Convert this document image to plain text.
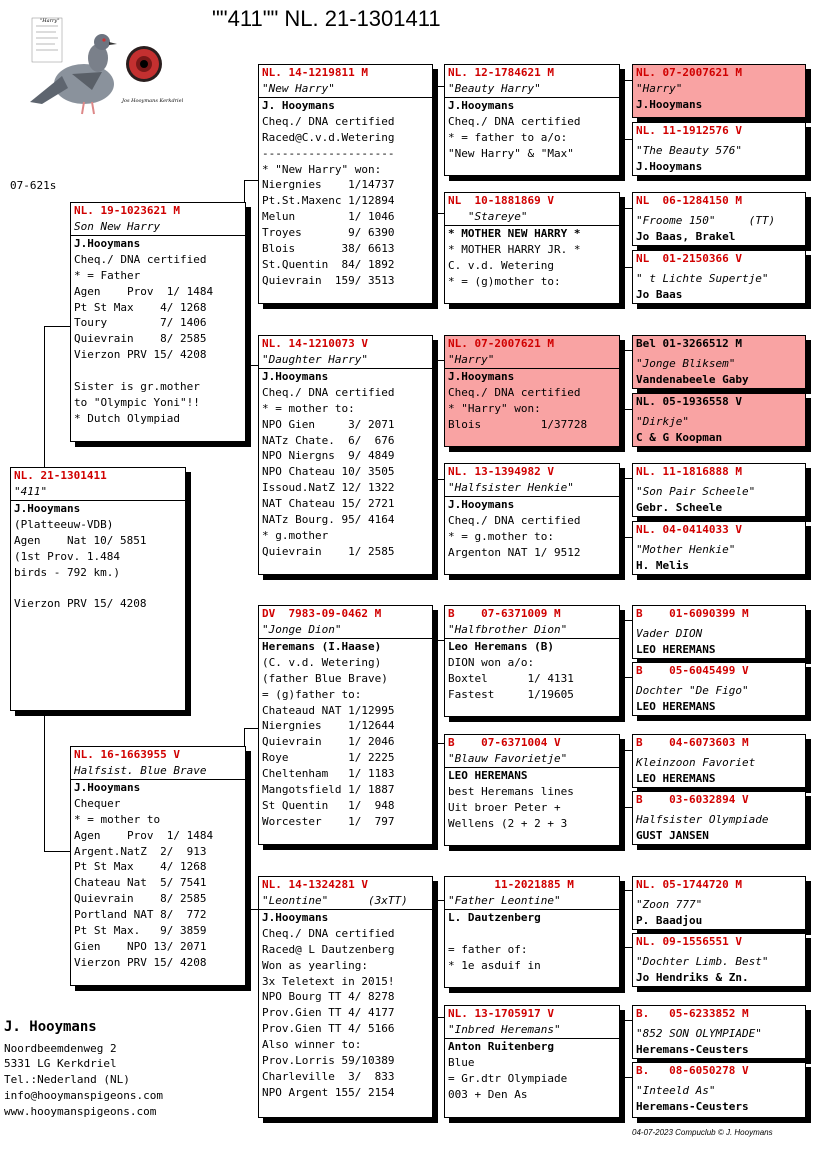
""411"" NL. 21-1301411
"Harry"
Jos Hooymans Kerkdriel
07-621s
NL. 21-1301411
"411"
J.Hooymans
(Platteeuw-VDB)
Agen    Nat 10/ 5851
(1st Prov. 1.484
birds - 792 km.)
Vierzon PRV 15/ 4208
NL. 19-1023621 M
Son New Harry
J.Hooymans
Cheq./ DNA certified
* = Father
Agen    Prov  1/ 1484
Pt St Max    4/ 1268
Toury        7/ 1406
Quievrain    8/ 2585
Vierzon PRV 15/ 4208
Sister is gr.mother
to "Olympic Yoni"!!
* Dutch Olympiad
NL. 16-1663955 V
Halfsist. Blue Brave
J.Hooymans
Chequer
* = mother to
Agen    Prov  1/ 1484
Argent.NatZ  2/  913
Pt St Max    4/ 1268
Chateau Nat  5/ 7541
Quievrain    8/ 2585
Portland NAT 8/  772
Pt St Max.   9/ 3859
Gien    NPO 13/ 2071
Vierzon PRV 15/ 4208
NL. 14-1219811 M
"New Harry"
J. Hooymans
Cheq./ DNA certified
Raced@C.v.d.Wetering
--------------------
* "New Harry" won:
Niergnies    1/14737
Pt.St.Maxenc 1/12894
Melun        1/ 1046
Troyes       9/ 6390
Blois       38/ 6613
St.Quentin  84/ 1892
Quievrain  159/ 3513
NL. 14-1210073 V
"Daughter Harry"
J.Hooymans
Cheq./ DNA certified
* = mother to:
NPO Gien     3/ 2071
NATz Chate.  6/  676
NPO Niergns  9/ 4849
NPO Chateau 10/ 3505
Issoud.NatZ 12/ 1322
NAT Chateau 15/ 2721
NATz Bourg. 95/ 4164
* g.mother
Quievrain    1/ 2585
DV  7983-09-0462 M
"Jonge Dion"
Heremans (I.Haase)
(C. v.d. Wetering)
(father Blue Brave)
= (g)father to:
Chateaud NAT 1/12995
Niergnies    1/12644
Quievrain    1/ 2046
Roye         1/ 2225
Cheltenham   1/ 1183
Mangotsfield 1/ 1887
St Quentin   1/  948
Worcester    1/  797
NL. 14-1324281 V
"Leontine"      (3xTT)
J.Hooymans
Cheq./ DNA certified
Raced@ L Dautzenberg
Won as yearling:
3x Teletext in 2015!
NPO Bourg TT 4/ 8278
Prov.Gien TT 4/ 4177
Prov.Gien TT 4/ 5166
Also winner to:
Prov.Lorris 59/10389
Charleville  3/  833
NPO Argent 155/ 2154
NL. 12-1784621 M
"Beauty Harry"
J.Hooymans
Cheq./ DNA certified
* = father to a/o:
"New Harry" & "Max"
NL  10-1881869 V
"Stareye"
* MOTHER NEW HARRY *
* MOTHER HARRY JR. *
C. v.d. Wetering
* = (g)mother to:
NL. 07-2007621 M
"Harry"
J.Hooymans
Cheq./ DNA certified
* "Harry" won:
Blois         1/37728
NL. 13-1394982 V
"Halfsister Henkie"
J.Hooymans
Cheq./ DNA certified
* = g.mother to:
Argenton NAT 1/ 9512
B    07-6371009 M
"Halfbrother Dion"
Leo Heremans (B)
DION won a/o:
Boxtel      1/ 4131
Fastest     1/19605
B    07-6371004 V
"Blauw Favorietje"
LEO HEREMANS
best Heremans lines
Uit broer Peter +
Wellens (2 + 2 + 3
11-2021885 M
"Father Leontine"
L. Dautzenberg
= father of:
* 1e asduif in
NL. 13-1705917 V
"Inbred Heremans"
Anton Ruitenberg
Blue
= Gr.dtr Olympiade
003 + Den As
NL. 07-2007621 M
"Harry"
J.Hooymans
NL. 11-1912576 V
"The Beauty 576"
J.Hooymans
NL  06-1284150 M
"Froome 150"     (TT)
Jo Baas, Brakel
NL  01-2150366 V
" t Lichte Supertje"
Jo Baas
Bel 01-3266512 M
"Jonge Bliksem"
Vandenabeele Gaby
NL. 05-1936558 V
"Dirkje"
C & G Koopman
NL. 11-1816888 M
"Son Pair Scheele"
Gebr. Scheele
NL. 04-0414033 V
"Mother Henkie"
H. Melis
B    01-6090399 M
Vader DION
LEO HEREMANS
B    05-6045499 V
Dochter "De Figo"
LEO HEREMANS
B    04-6073603 M
Kleinzoon Favoriet
LEO HEREMANS
B    03-6032894 V
Halfsister Olympiade
GUST JANSEN
NL. 05-1744720 M
"Zoon 777"
P. Baadjou
NL. 09-1556551 V
"Dochter Limb. Best"
Jo Hendriks & Zn.
B.   05-6233852 M
"852 SON OLYMPIADE"
Heremans-Ceusters
B.   08-6050278 V
"Inteeld As"
Heremans-Ceusters
J. Hooymans
Noordbeemdenweg 2
5331 LG Kerkdriel
Tel.:Nederland (NL)
info@hooymanspigeons.com
www.hooymanspigeons.com
04-07-2023 Compuclub © J. Hooymans
